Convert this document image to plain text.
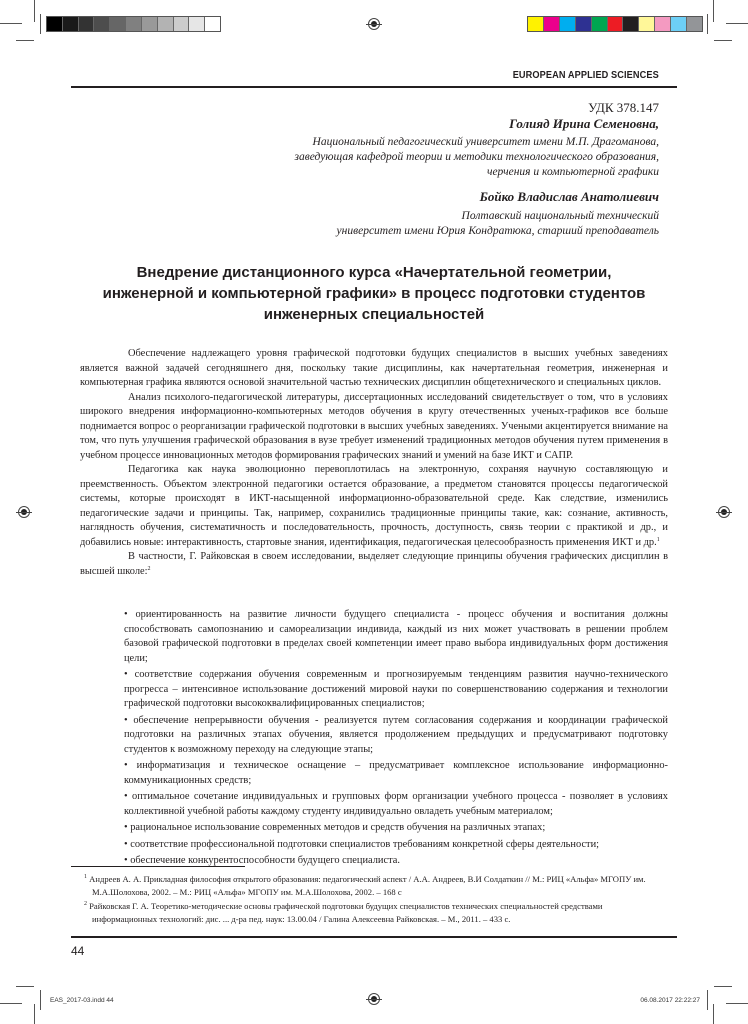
EUROPEAN APPLIED SCIENCES
УДК 378.147
Голияд Ирина Семеновна,
Национальный педагогический университет имени М.П. Драгоманова,
заведующая кафедрой теории и методики технологического образования,
черчения и компьютерной графики
Бойко Владислав Анатолиевич
Полтавский национальный технический
университет имени Юрия Кондратюка, старший преподаватель
Внедрение дистанционного курса «Начертательной геометрии,
инженерной и компьютерной графики» в процесс подготовки студентов
инженерных специальностей

Обеспечение надлежащего уровня графической подготовки будущих специалистов в высших учебных заведениях является важной задачей сегодняшнего дня, поскольку такие дисциплины, как начертательная геометрия, инженерная и компьютерная графика являются основой значительной частью технических дисциплин общетехнического и специальных циклов.

Анализ психолого-педагогической литературы, диссертационных исследований свидетельствует о том, что в условиях широкого внедрения информационно-компьютерных методов обучения в кругу отечественных ученых-графиков все больше поднимается вопрос о реорганизации графической подготовки в высших учебных заведениях. Учеными акцентируется внимание на том, что путь улучшения графической образования в вузе требует изменений традиционных методов обучения путем применения в учебном процессе инновационных методов формирования графических знаний и умений на базе ИКТ и САПР.

Педагогика как наука эволюционно перевоплотилась на электронную, сохраняя научную составляющую и преемственность. Объектом электронной педагогики остается образование, а предметом становятся процессы педагогической системы, которые происходят в ИКТ-насыщенной информационно-образовательной среде. Как следствие, изменились педагогические задачи и принципы. Так, например, сохранились традиционные принципы такие, как: сознание, активность, наглядность обучения, систематичность и последовательность, прочность, доступность, связь теории с практикой и др., и добавились новые: интерактивность, стартовые знания, идентификация, педагогическая целесообразность применения ИКТ и др.$^1$

В частности, Г. Райковская в своем исследовании, выделяет следующие принципы обучения графических дисциплин в высшей школе:$^2$

• ориентированность на развитие личности будущего специалиста - процесс обучения и воспитания должны способствовать самопознанию и самореализации индивида, каждый из них может участвовать в решении проблем базовой графической подготовки в пределах своей компетенции имеет право выбора индивидуальных форм достижения цели;
• соответствие содержания обучения современным и прогнозируемым тенденциям развития научно-технического прогресса – интенсивное использование достижений мировой науки по совершенствованию содержания и технологии графической подготовки высококвалифицированных специалистов;
• обеспечение непрерывности обучения - реализуется путем согласования содержания и координации графической подготовки на различных этапах обучения, является продолжением предыдущих и предусматривают подготовку студентов к возможному переходу на следующие этапы;
• информатизация и техническое оснащение – предусматривает комплексное использование информационно-коммуникационных средств;
• оптимальное сочетание индивидуальных и групповых форм организации учебного процесса - позволяет в условиях коллективной учебной работы каждому студенту индивидуально овладеть учебным материалом;
• рациональное использование современных методов и средств обучения на различных этапах;
• соответствие профессиональной подготовки специалистов требованиям конкретной сферы деятельности;
• обеспечение конкурентоспособности будущего специалиста.
$^1$ Андреев А. А. Прикладная философия открытого образования: педагогический аспект / А.А. Андреев, В.И Солдаткин // М.: РИЦ «Альфа» МГОПУ им. М.А.Шолохова, 2002. – М.: РИЦ «Альфа» МГОПУ им. М.А.Шолохова, 2002. – 168 с
$^2$ Райковская Г. А. Теоретико-методические основы графической подготовки будущих специалистов технических специальностей средствами информационных технологий: дис. ... д-ра пед. наук: 13.00.04 / Галина Алексеевна Райковская. – М., 2011. – 433 с.
44
EAS_2017-03.indd 44	06.08.2017 22:22:27
